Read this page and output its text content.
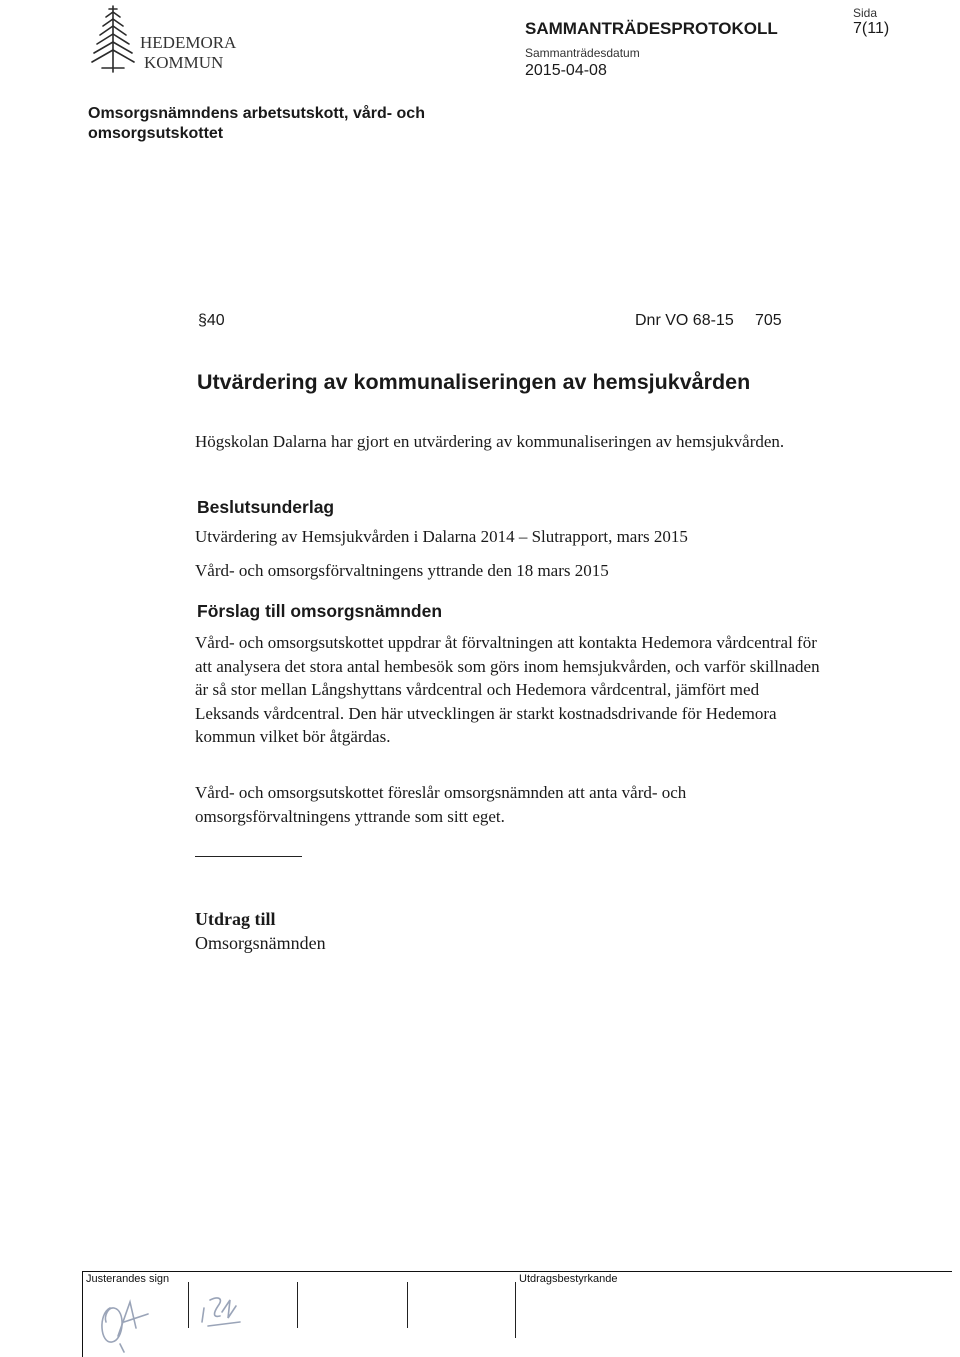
HEDEMORA
KOMMUN
SAMMANTRÄDESPROTOKOLL
Sammanträdesdatum
2015-04-08
Sida
7(11)
Omsorgsnämndens arbetsutskott, vård- och omsorgsutskottet
§40	Dnr VO 68-15 705
Utvärdering av kommunaliseringen av hemsjukvården
Högskolan Dalarna har gjort en utvärdering av kommunaliseringen av hemsjukvården.
Beslutsunderlag
Utvärdering av Hemsjukvården i Dalarna 2014 – Slutrapport, mars 2015
Vård- och omsorgsförvaltningens yttrande den 18 mars 2015
Förslag till omsorgsnämnden
Vård- och omsorgsutskottet uppdrar åt förvaltningen att kontakta Hedemora vårdcentral för att analysera det stora antal hembesök som görs inom hemsjukvården, och varför skillnaden är så stor mellan Långshyttans vårdcentral och Hedemora vårdcentral, jämfört med Leksands vårdcentral. Den här utvecklingen är starkt kostnadsdrivande för Hedemora kommun vilket bör åtgärdas.
Vård- och omsorgsutskottet föreslår omsorgsnämnden att anta vård- och omsorgsförvaltningens yttrande som sitt eget.
Utdrag till
Omsorgsnämnden
Justerandes sign	Utdragsbestyrkande
